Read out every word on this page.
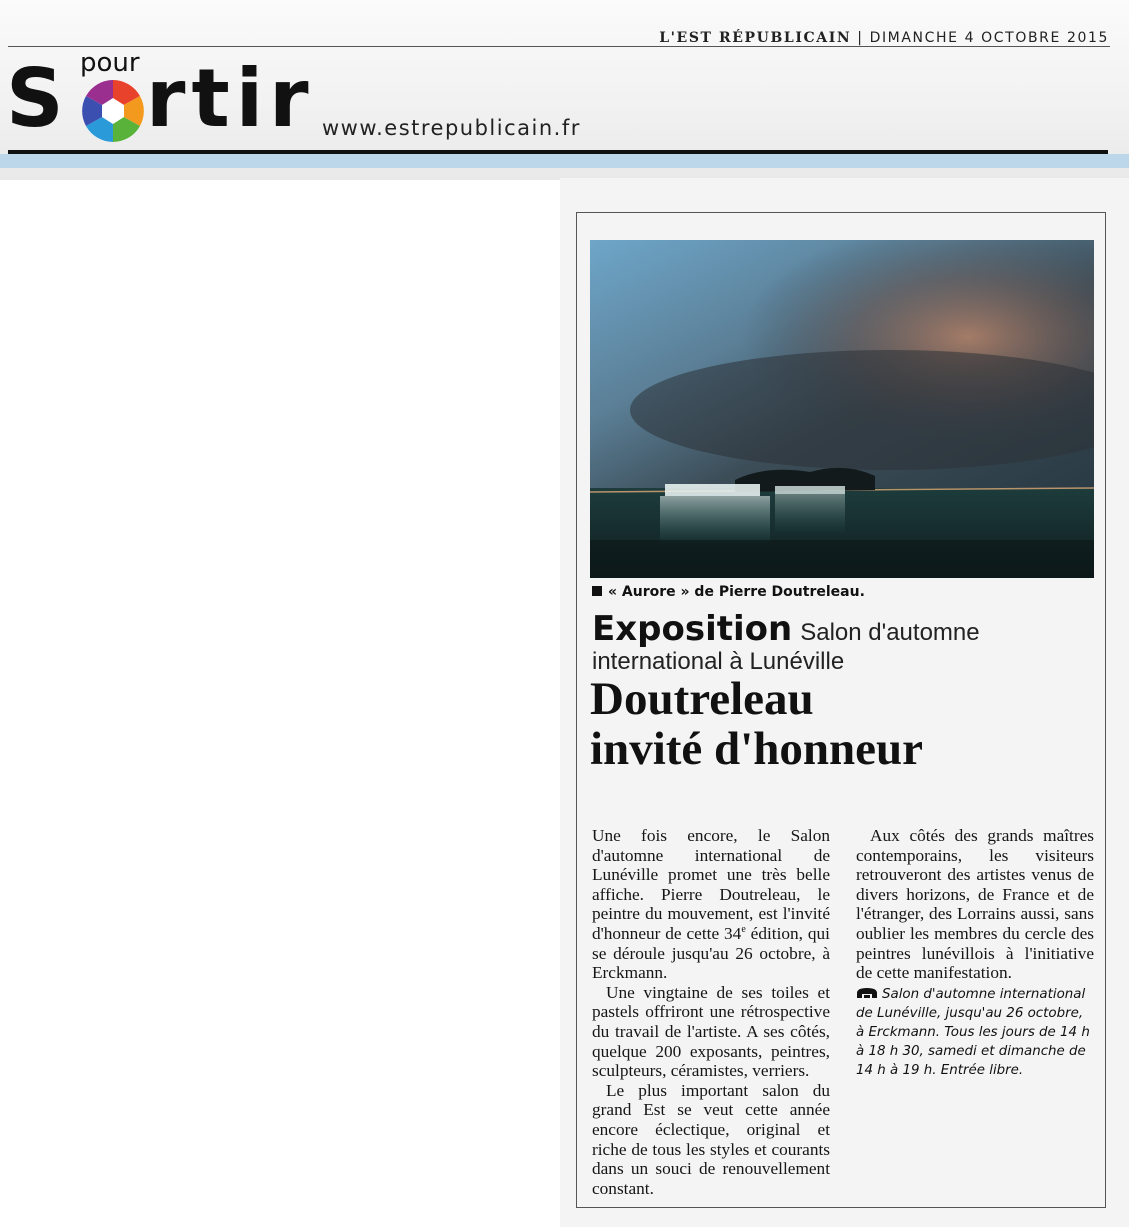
L'EST RÉPUBLICAIN | DIMANCHE 4 OCTOBRE 2015
pour
S rtir www.estrepublicain.fr
« Aurore » de Pierre Doutreleau.
Exposition Salon d'automne
international à Lunéville
Doutreleau
invité d'honneur

Une fois encore, le Salon d'automne international de Lunéville promet une très belle affiche. Pierre Doutreleau, le peintre du mouvement, est l'invité d'honneur de cette 34e édition, qui se déroule jusqu'au 26 octobre, à Erckmann.

Une vingtaine de ses toiles et pastels offriront une rétrospective du travail de l'artiste. A ses côtés, quelque 200 exposants, peintres, sculpteurs, céramistes, verriers.

Le plus important salon du grand Est se veut cette année encore éclectique, original et riche de tous les styles et courants dans un souci de renouvellement constant.

Aux côtés des grands maîtres contemporains, les visiteurs retrouveront des artistes venus de divers horizons, de France et de l'étranger, des Lorrains aussi, sans oublier les membres du cercle des peintres lunévillois à l'initiative de cette manifestation.

Salon d'automne international de Lunéville, jusqu'au 26 octobre, à Erckmann. Tous les jours de 14 h à 18 h 30, samedi et dimanche de 14 h à 19 h. Entrée libre.
